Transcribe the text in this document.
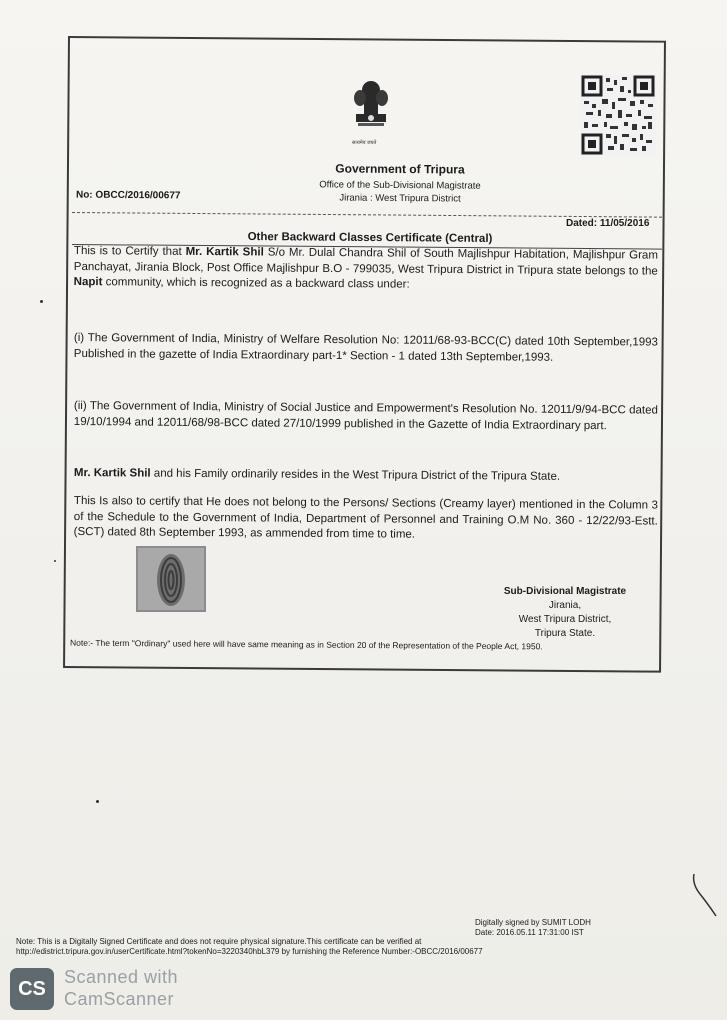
सत्यमेव जयते
Government of Tripura
Office of the Sub-Divisional Magistrate
Jirania : West Tripura District
No: OBCC/2016/00677
Dated: 11/05/2016
Other Backward Classes Certificate (Central)
This is to Certify that Mr. Kartik Shil S/o Mr. Dulal Chandra Shil of South Majlishpur Habitation, Majlishpur Gram Panchayat, Jirania Block, Post Office Majlishpur B.O - 799035, West Tripura District in Tripura state belongs to the Napit community, which is recognized as a backward class under:
(i) The Government of India, Ministry of Welfare Resolution No: 12011/68-93-BCC(C) dated 10th September,1993 Published in the gazette of India Extraordinary part-1* Section - 1 dated 13th September,1993.
(ii) The Government of India, Ministry of Social Justice and Empowerment's Resolution No. 12011/9/94-BCC dated 19/10/1994 and 12011/68/98-BCC dated 27/10/1999 published in the Gazette of India Extraordinary part.
Mr. Kartik Shil and his Family ordinarily resides in the West Tripura District of the Tripura State.
This Is also to certify that He does not belong to the Persons/ Sections (Creamy layer) mentioned in the Column 3 of the Schedule to the Government of India, Department of Personnel and Training O.M No. 360 - 12/22/93-Estt. (SCT) dated 8th September 1993, as ammended from time to time.
Sub-Divisional Magistrate
Jirania,
West Tripura District,
Tripura State.
Note:- The term "Ordinary" used here will have same meaning as in Section 20 of the Representation of the People Act, 1950.
Digitally signed by SUMIT LODH
Date: 2016.05.11 17:31:00 IST
Note: This is a Digitally Signed Certificate and does not require physical signature.This certificate can be verified at
http://edistrict.tripura.gov.in/userCertificate.html?tokenNo=3220340hbL379 by furnishing the Reference Number:-OBCC/2016/00677
CS
Scanned with
CamScanner
